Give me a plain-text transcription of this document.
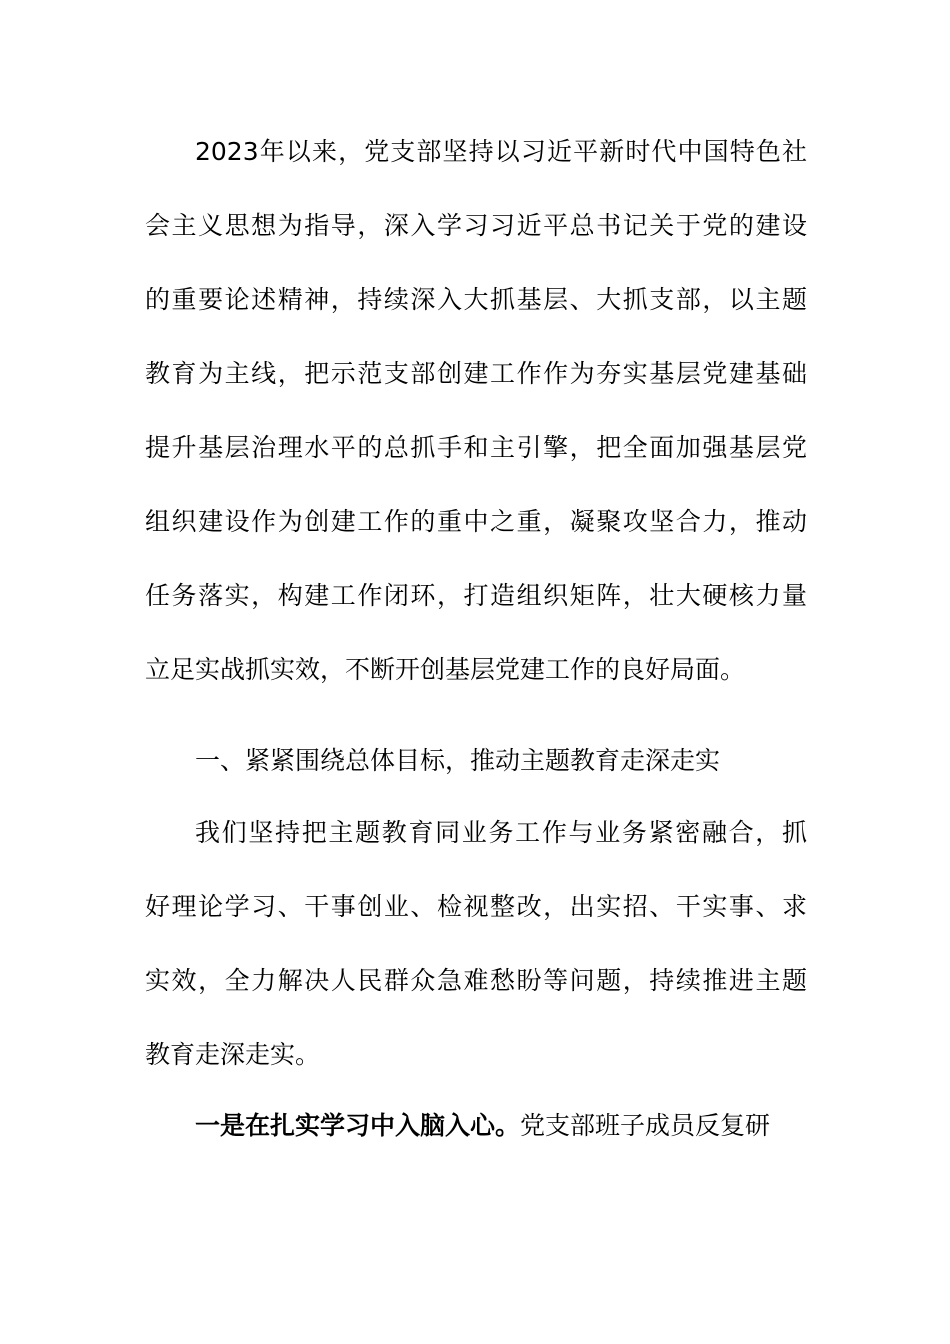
2023年以来，党支部坚持以习近平新时代中国特色社
会主义思想为指导，深入学习习近平总书记关于党的建设
的重要论述精神，持续深入大抓基层、大抓支部，以主题
教育为主线，把示范支部创建工作作为夯实基层党建基础
提升基层治理水平的总抓手和主引擎，把全面加强基层党
组织建设作为创建工作的重中之重，凝聚攻坚合力，推动
任务落实，构建工作闭环，打造组织矩阵，壮大硬核力量
立足实战抓实效，不断开创基层党建工作的良好局面。
一、紧紧围绕总体目标，推动主题教育走深走实
我们坚持把主题教育同业务工作与业务紧密融合，抓
好理论学习、干事创业、检视整改，出实招、干实事、求
实效，全力解决人民群众急难愁盼等问题，持续推进主题
教育走深走实。
一是在扎实学习中入脑入心。党支部班子成员反复研
